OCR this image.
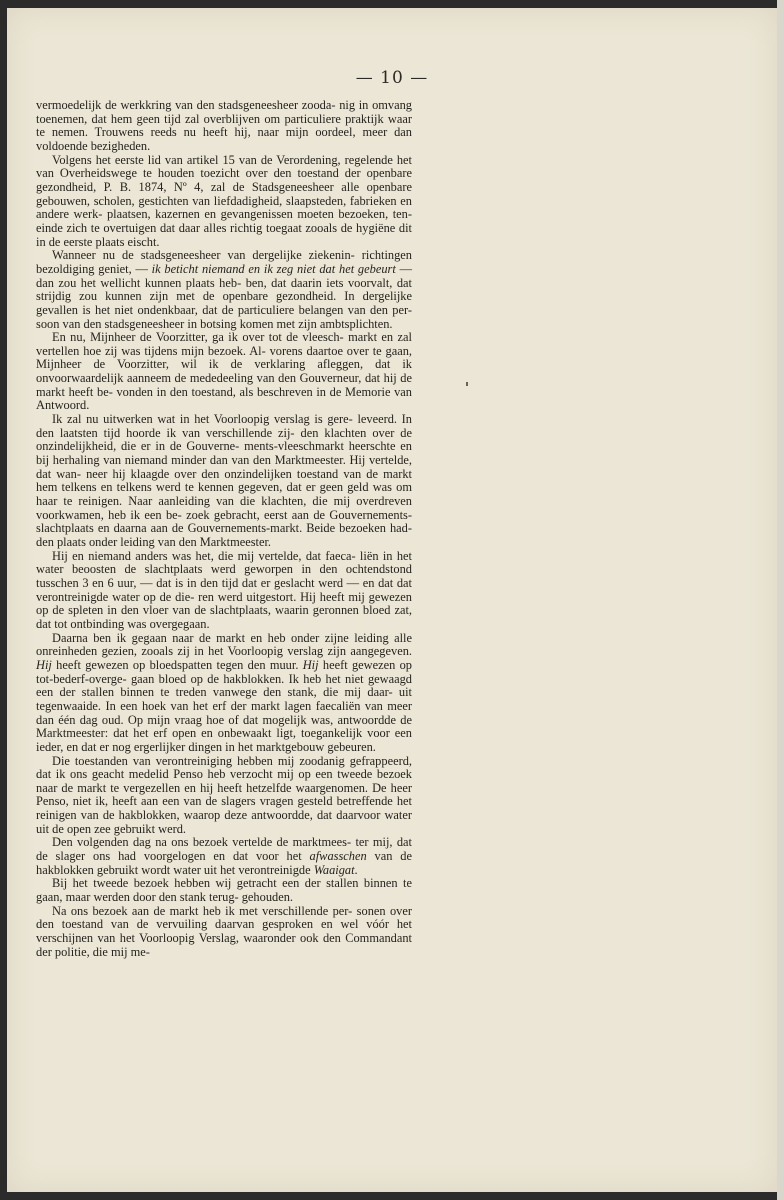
— 10 —

vermoedelijk de werkkring van den stadsgeneesheer zooda- nig in omvang toenemen, dat hem geen tijd zal overblijven om particuliere praktijk waar te nemen. Trouwens reeds nu heeft hij, naar mijn oordeel, meer dan voldoende bezigheden.

Volgens het eerste lid van artikel 15 van de Verordening, regelende het van Overheidswege te houden toezicht over den toestand der openbare gezondheid, P. B. 1874, Nº 4, zal de Stadsgeneesheer alle openbare gebouwen, scholen, gestichten van liefdadigheid, slaapsteden, fabrieken en andere werk- plaatsen, kazernen en gevangenissen moeten bezoeken, ten- einde zich te overtuigen dat daar alles richtig toegaat zooals de hygiëne dit in de eerste plaats eischt.

Wanneer nu de stadsgeneesheer van dergelijke ziekenin- richtingen bezoldiging geniet, — ik beticht niemand en ik zeg niet dat het gebeurt — dan zou het wellicht kunnen plaats heb- ben, dat daarin iets voorvalt, dat strijdig zou kunnen zijn met de openbare gezondheid. In dergelijke gevallen is het niet ondenkbaar, dat de particuliere belangen van den per- soon van den stadsgeneesheer in botsing komen met zijn ambtsplichten.

En nu, Mijnheer de Voorzitter, ga ik over tot de vleesch- markt en zal vertellen hoe zij was tijdens mijn bezoek. Al- vorens daartoe over te gaan, Mijnheer de Voorzitter, wil ik de verklaring afleggen, dat ik onvoorwaardelijk aanneem de mededeeling van den Gouverneur, dat hij de markt heeft be- vonden in den toestand, als beschreven in de Memorie van Antwoord.

Ik zal nu uitwerken wat in het Voorloopig verslag is gere- leveerd. In den laatsten tijd hoorde ik van verschillende zij- den klachten over de onzindelijkheid, die er in de Gouverne- ments-vleeschmarkt heerschte en bij herhaling van niemand minder dan van den Marktmeester. Hij vertelde, dat wan- neer hij klaagde over den onzindelijken toestand van de markt hem telkens en telkens werd te kennen gegeven, dat er geen geld was om haar te reinigen. Naar aanleiding van die klachten, die mij overdreven voorkwamen, heb ik een be- zoek gebracht, eerst aan de Gouvernements-slachtplaats en daarna aan de Gouvernements-markt. Beide bezoeken had- den plaats onder leiding van den Marktmeester.

Hij en niemand anders was het, die mij vertelde, dat faeca- liën in het water beoosten de slachtplaats werd geworpen in den ochtendstond tusschen 3 en 6 uur, — dat is in den tijd dat er geslacht werd — en dat dat verontreinigde water op de die- ren werd uitgestort. Hij heeft mij gewezen op de spleten in den vloer van de slachtplaats, waarin geronnen bloed zat, dat tot ontbinding was overgegaan.

Daarna ben ik gegaan naar de markt en heb onder zijne leiding alle onreinheden gezien, zooals zij in het Voorloopig verslag zijn aangegeven. Hij heeft gewezen op bloedspatten tegen den muur. Hij heeft gewezen op tot-bederf-overge- gaan bloed op de hakblokken. Ik heb het niet gewaagd een der stallen binnen te treden vanwege den stank, die mij daar- uit tegenwaaide. In een hoek van het erf der markt lagen faecaliën van meer dan één dag oud. Op mijn vraag hoe of dat mogelijk was, antwoordde de Marktmeester: dat het erf open en onbewaakt ligt, toegankelijk voor een ieder, en dat er nog ergerlijker dingen in het marktgebouw gebeuren.

Die toestanden van verontreiniging hebben mij zoodanig gefrappeerd, dat ik ons geacht medelid Penso heb verzocht mij op een tweede bezoek naar de markt te vergezellen en hij heeft hetzelfde waargenomen. De heer Penso, niet ik, heeft aan een van de slagers vragen gesteld betreffende het reinigen van de hakblokken, waarop deze antwoordde, dat daarvoor water uit de open zee gebruikt werd.

Den volgenden dag na ons bezoek vertelde de marktmees- ter mij, dat de slager ons had voorgelogen en dat voor het afwasschen van de hakblokken gebruikt wordt water uit het verontreinigde Waaigat.

Bij het tweede bezoek hebben wij getracht een der stallen binnen te gaan, maar werden door den stank terug- gehouden.

Na ons bezoek aan de markt heb ik met verschillende per- sonen over den toestand van de vervuiling daarvan gesproken en wel vóór het verschijnen van het Voorloopig Verslag, waaronder ook den Commandant der politie, die mij me-
